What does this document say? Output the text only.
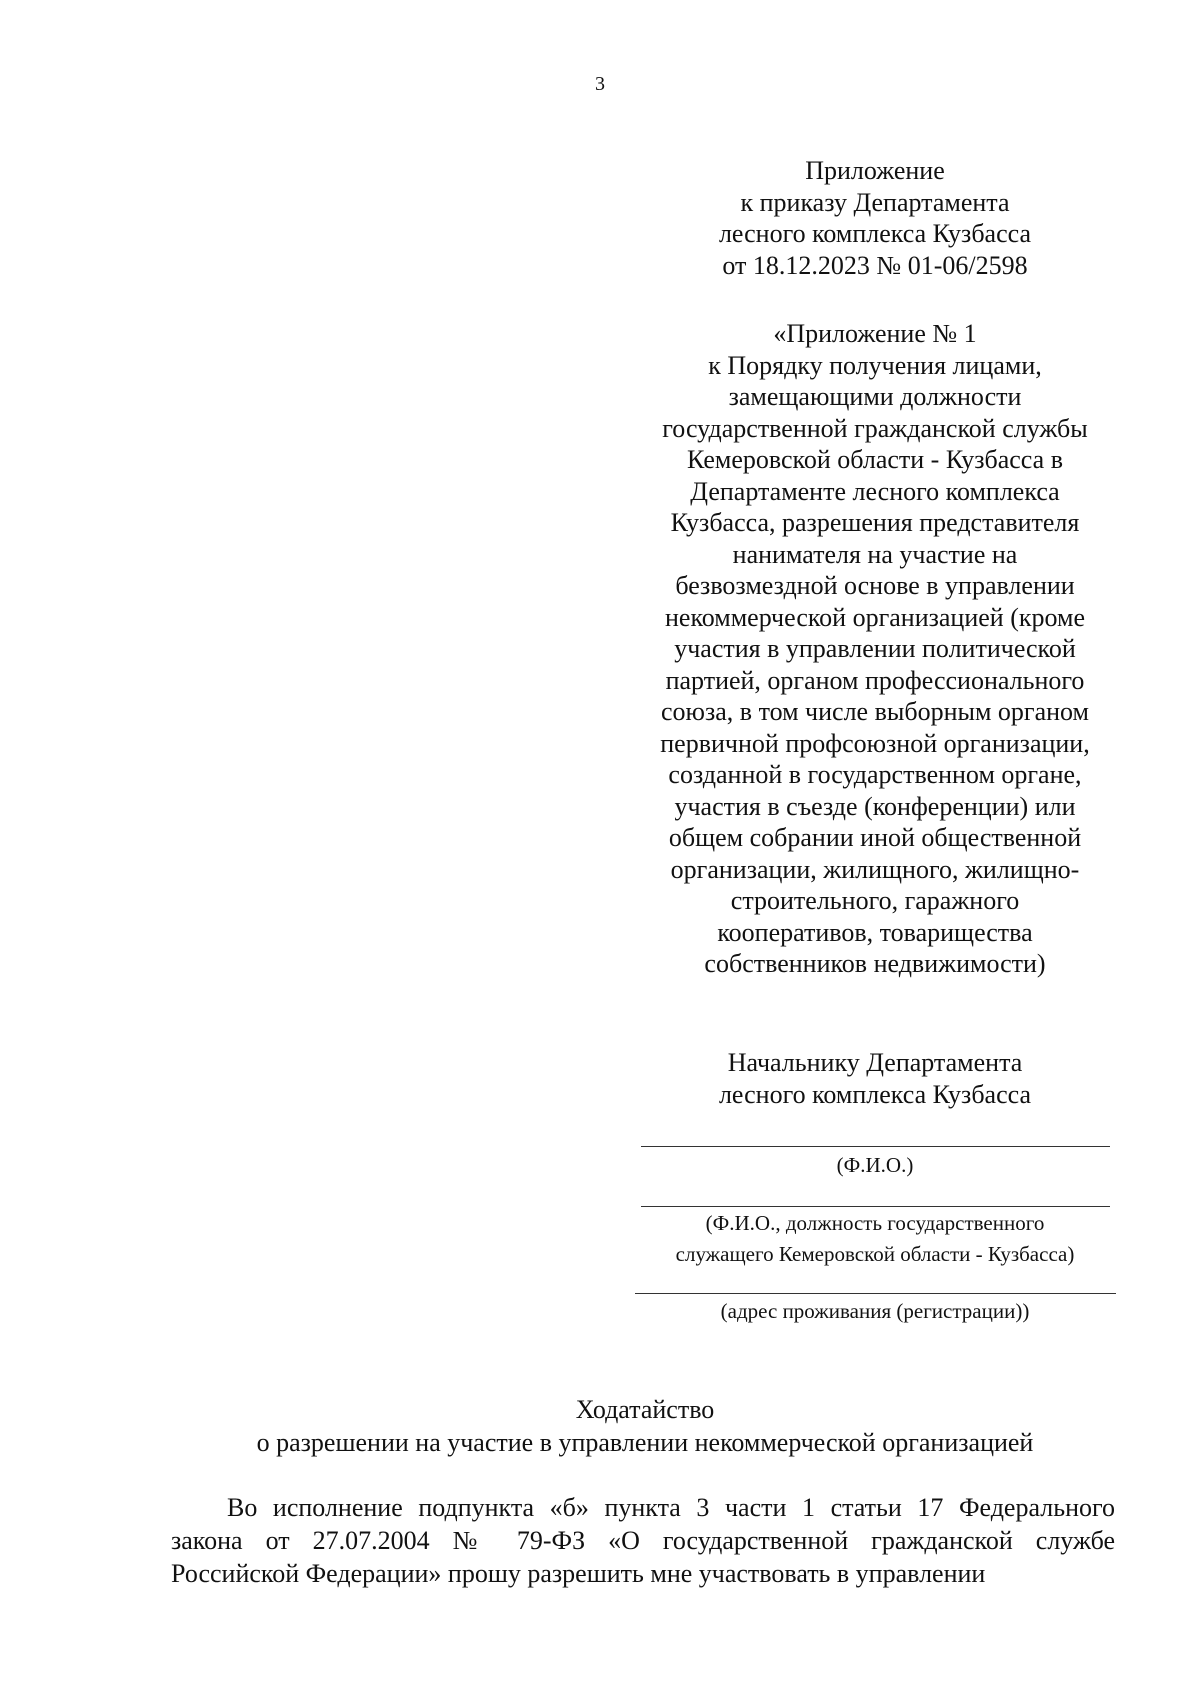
3
Приложение
к приказу Департамента
лесного комплекса Кузбасса
от 18.12.2023 № 01-06/2598
«Приложение № 1
к Порядку получения лицами,
замещающими должности
государственной гражданской службы
Кемеровской области - Кузбасса в
Департаменте лесного комплекса
Кузбасса, разрешения представителя
нанимателя на участие на
безвозмездной основе в управлении
некоммерческой организацией (кроме
участия в управлении политической
партией, органом профессионального
союза, в том числе выборным органом
первичной профсоюзной организации,
созданной в государственном органе,
участия в съезде (конференции) или
общем собрании иной общественной
организации, жилищного, жилищно-
строительного, гаражного
кооперативов, товарищества
собственников недвижимости)
Начальнику Департамента
лесного комплекса Кузбасса
(Ф.И.О.)
(Ф.И.О., должность государственного
служащего Кемеровской области - Кузбасса)
(адрес проживания (регистрации))
Ходатайство
о разрешении на участие в управлении некоммерческой организацией
Во исполнение подпункта «б» пункта 3 части 1 статьи 17 Федерального
закона от 27.07.2004 № 79-ФЗ «О государственной гражданской службе
Российской Федерации» прошу разрешить мне участвовать в управлении
